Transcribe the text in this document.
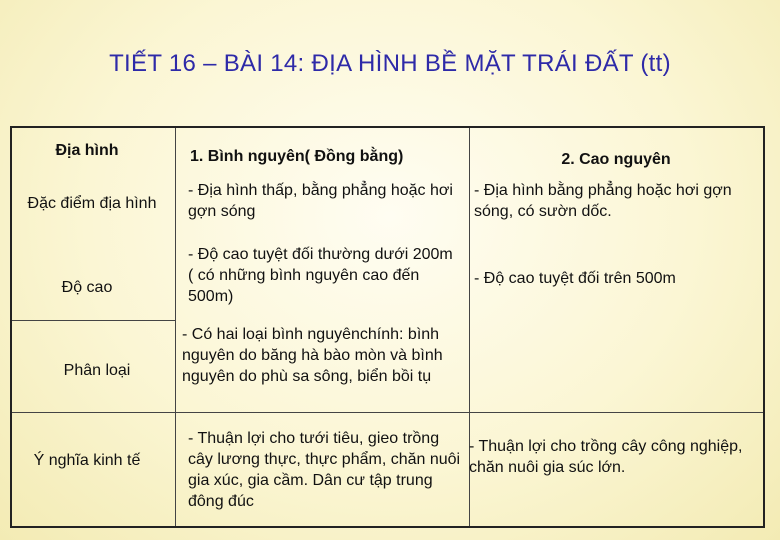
TIẾT 16 – BÀI 14: ĐỊA HÌNH BỀ MẶT TRÁI ĐẤT (tt)
Địa hình	1. Bình nguyên( Đồng bằng)	2. Cao nguyên
Đặc điểm địa hình
- Địa hình thấp, bằng phẳng hoặc hơi gợn sóng
- Địa hình bằng phẳng hoặc hơi gợn sóng, có sườn dốc.
Độ cao
- Độ cao tuyệt đối thường dưới 200m ( có những bình nguyên cao đến 500m)
- Độ cao tuyệt đối trên 500m
Phân loại
- Có hai loại bình nguyênchính: bình nguyên do băng hà bào mòn và bình nguyên do phù sa sông, biển bồi tụ
Ý nghĩa kinh tế
- Thuận lợi cho tưới tiêu, gieo trồng cây lương thực, thực phẩm, chăn nuôi gia xúc, gia cầm. Dân cư tập trung đông đúc
- Thuận lợi cho trồng cây công nghiệp, chăn nuôi gia súc lớn.
